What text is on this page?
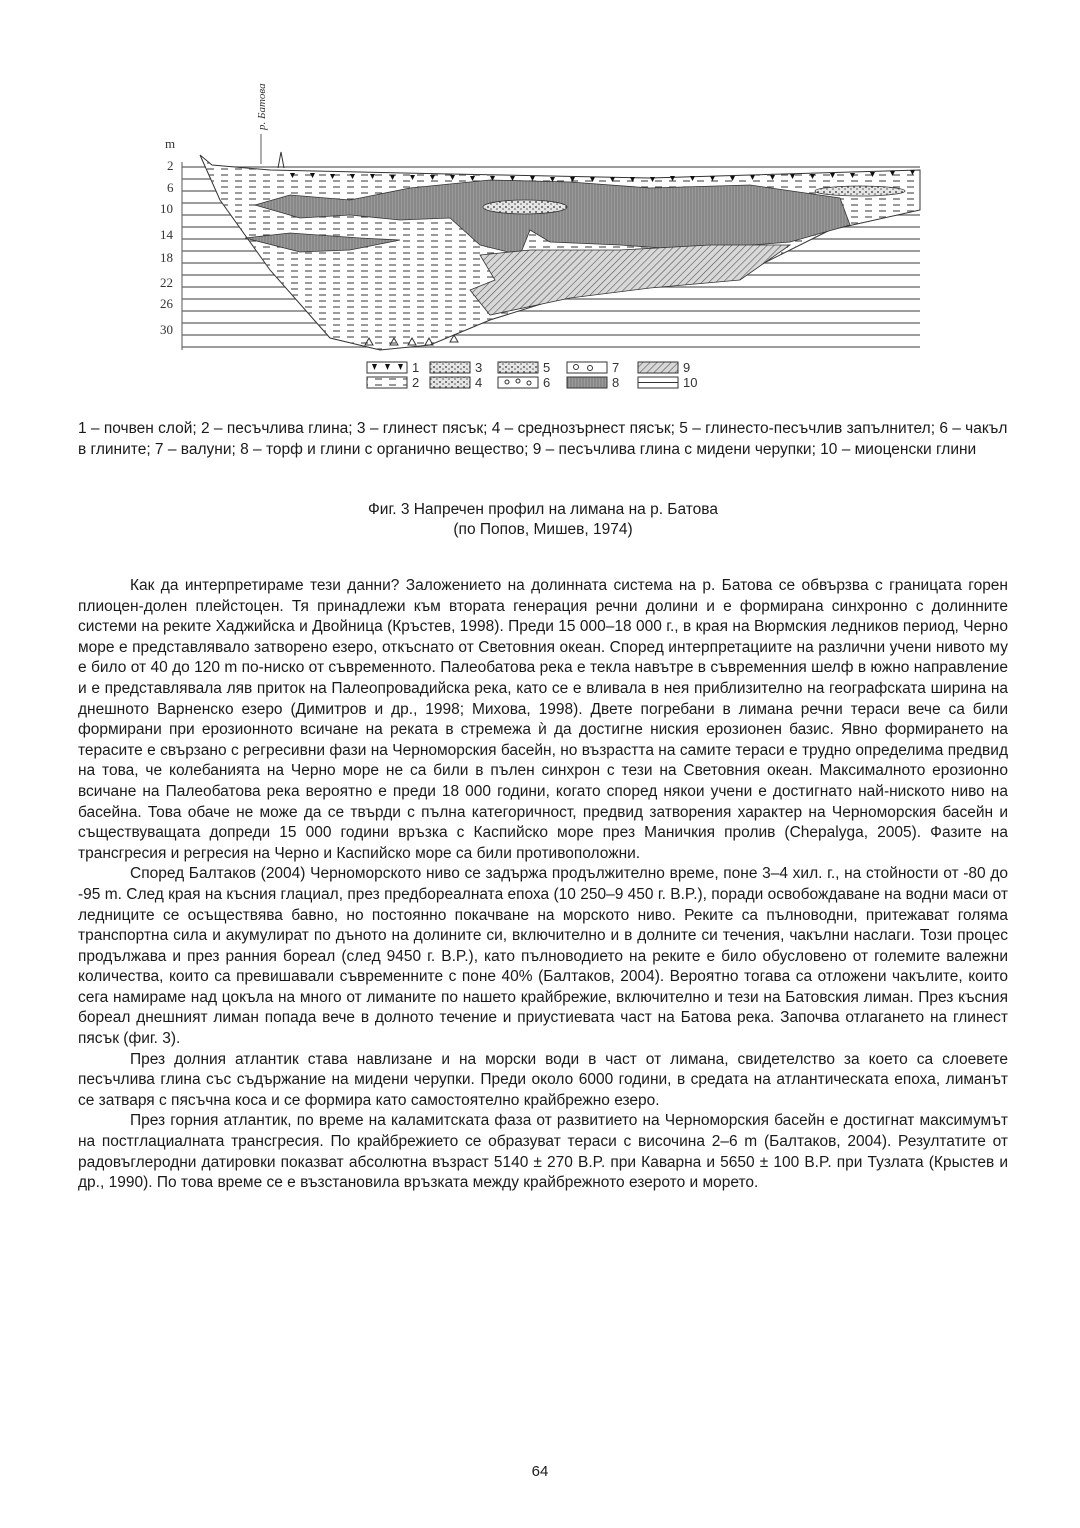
m
2
6
10
14
18
22
26
30
р. Батова
1
2
3
4
5
6
7
8
9
10
1 – почвен слой; 2 – песъчлива глина; 3 – глинест пясък; 4 – среднозърнест пясък; 5 – глинесто-песъчлив запълнител; 6 – чакъл в глините; 7 – валуни; 8 – торф и глини с органично вещество; 9 – песъчлива глина с мидени черупки; 10 – миоценски глини
Фиг. 3 Напречен профил на лимана на р. Батова
(по Попов, Мишев, 1974)

Как да интерпретираме тези данни? Заложението на долинната система на р. Батова се обвързва с границата горен плиоцен-долен плейстоцен. Тя принадлежи към втората генерация речни долини и е формирана синхронно с долинните системи на реките Хаджийска и Двойница (Кръстев, 1998). Преди 15 000–18 000 г., в края на Вюрмския ледников период, Черно море е представлявало затворено езеро, откъснато от Световния океан. Според интерпретациите на различни учени нивото му е било от 40 до 120 m по-ниско от съвременното. Палеобатова река е текла навътре в съвременния шелф в южно направление и е представлявала ляв приток на Палеопровадийска река, като се е вливала в нея приблизително на географската ширина на днешното Варненско езеро (Димитров и др., 1998; Михова, 1998). Двете погребани в лимана речни тераси вече са били формирани при ерозионното всичане на реката в стремежа ѝ да достигне ниския ерозионен базис. Явно формирането на терасите е свързано с регресивни фази на Черноморския басейн, но възрастта на самите тераси е трудно определима предвид на това, че колебанията на Черно море не са били в пълен синхрон с тези на Световния океан. Максималното ерозионно всичане на Палеобатова река вероятно е преди 18 000 години, когато според някои учени е достигнато най-ниското ниво на басейна. Това обаче не може да се твърди с пълна категоричност, предвид затворения характер на Черноморския басейн и съществуващата допреди 15 000 години връзка с Каспийско море през Маничкия пролив (Chepalyga, 2005). Фазите на трансгресия и регресия на Черно и Каспийско море са били противоположни.

Според Балтаков (2004) Черноморското ниво се задържа продължително време, поне 3–4 хил. г., на стойности от -80 до -95 m. След края на късния глациал, през предбореалната епоха (10 250–9 450 г. B.P.), поради освобождаване на водни маси от ледниците се осъществява бавно, но постоянно покачване на морското ниво. Реките са пълноводни, притежават голяма транспортна сила и акумулират по дъното на долините си, включително и в долните си течения, чакълни наслаги. Този процес продължава и през ранния бореал (след 9450 г. B.P.), като пълноводието на реките е било обусловено от големите валежни количества, които са превишавали съвременните с поне 40% (Балтаков, 2004). Вероятно тогава са отложени чакълите, които сега намираме над цокъла на много от лиманите по нашето крайбрежие, включително и тези на Батовския лиман. През късния бореал днешният лиман попада вече в долното течение и приустиевата част на Батова река. Започва отлагането на глинест пясък (фиг. 3).

През долния атлантик става навлизане и на морски води в част от лимана, свидетелство за което са слоевете песъчлива глина със съдържание на мидени черупки. Преди около 6000 години, в средата на атлантическата епоха, лиманът се затваря с пясъчна коса и се формира като самостоятелно крайбрежно езеро.

През горния атлантик, по време на каламитската фаза от развитието на Черноморския басейн е достигнат максимумът на постглациалната трансгресия. По крайбрежието се образуват тераси с височина 2–6 m (Балтаков, 2004). Резултатите от радовъглеродни датировки показват абсолютна възраст 5140 ± 270 B.P. при Каварна и 5650 ± 100 B.P. при Тузлата (Крыстев и др., 1990). По това време се е възстановила връзката между крайбрежното езерото и морето.

64
